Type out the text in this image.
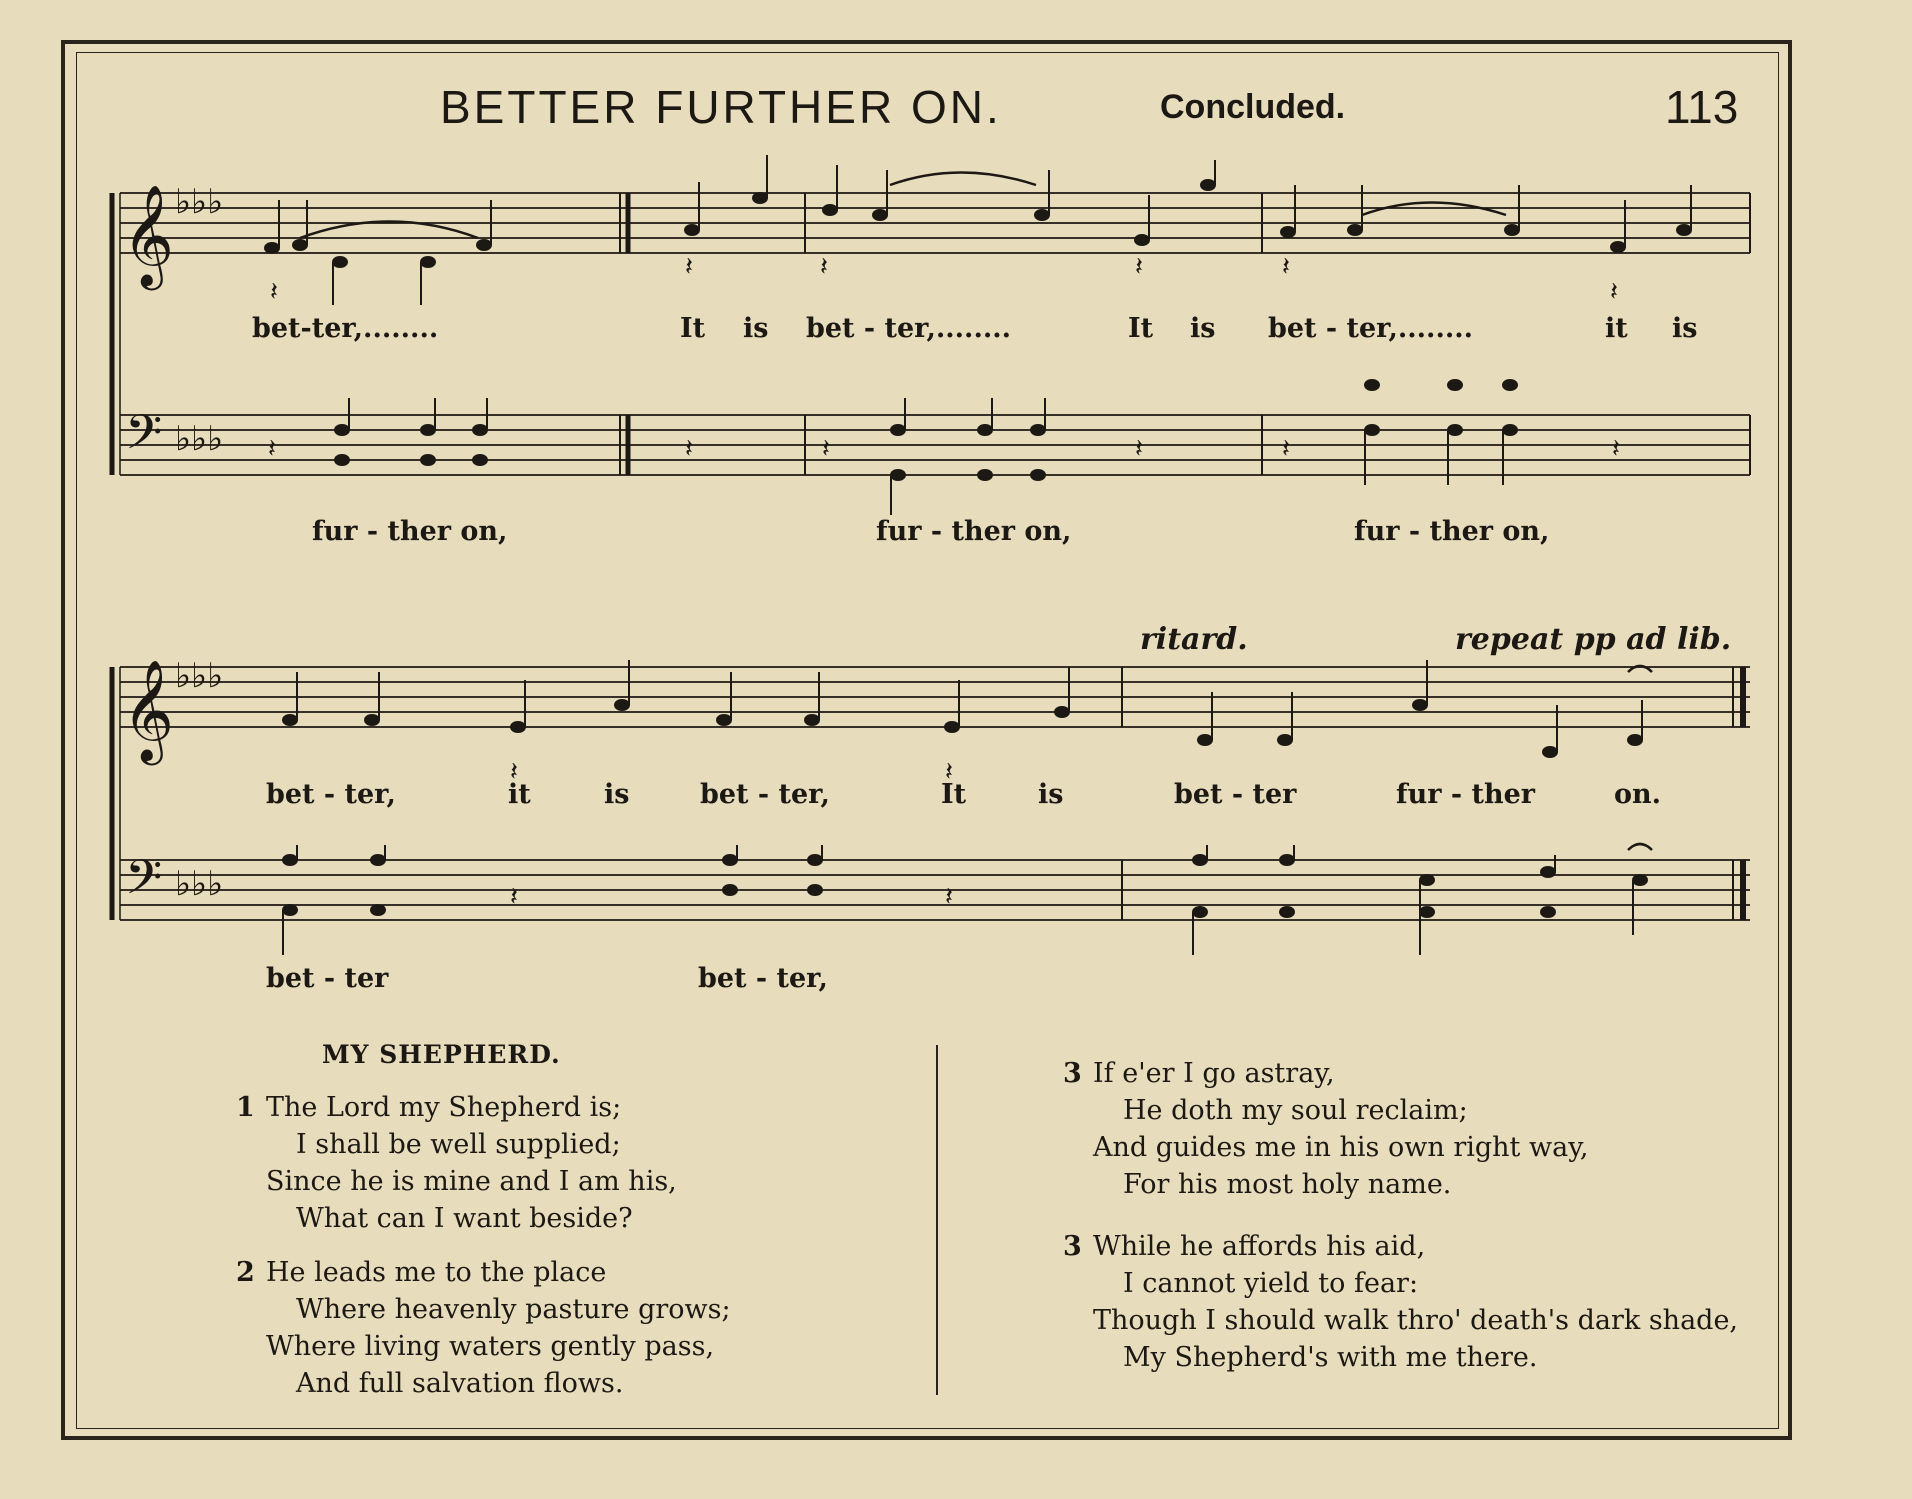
BETTER FURTHER ON.	Concluded.	113
𝄞
𝄞
𝄢
𝄢
♭♭♭
♭♭♭
♭♭♭
♭♭♭
𝄽
𝄽	𝄽	𝄽	𝄽
𝄽
𝄽	𝄽	𝄽	𝄽	𝄽	𝄽
𝄽	𝄽
𝄽	𝄽
bet-ter,........	It is bet - ter,........	It is bet - ter,........	it is
fur - ther on,	fur - ther on,	fur - ther on,
ritard.	repeat pp ad lib.
bet - ter,	it	is	bet - ter,	It	is	bet - ter	fur - ther	on.
bet - ter	bet - ter,
MY SHEPHERD.
1 The Lord my Shepherd is;
I shall be well supplied;
Since he is mine and I am his,
What can I want beside?
2 He leads me to the place
Where heavenly pasture grows;
Where living waters gently pass,
And full salvation flows.
3 If e'er I go astray,
He doth my soul reclaim;
And guides me in his own right way,
For his most holy name.
3 While he affords his aid,
I cannot yield to fear:
Though I should walk thro' death's dark shade,
My Shepherd's with me there.
